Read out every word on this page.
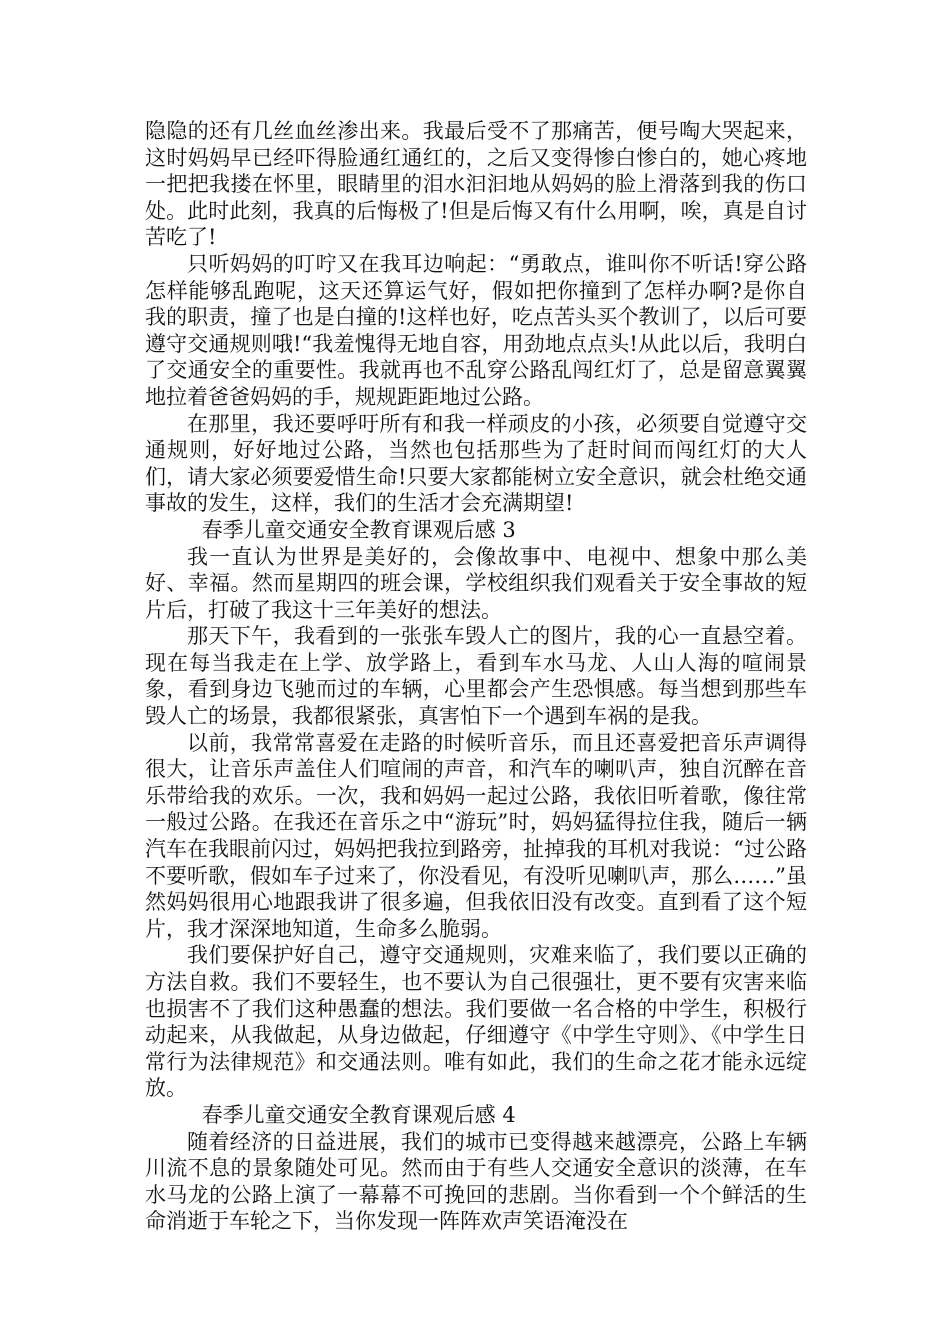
隐隐的还有几丝血丝渗出来。我最后受不了那痛苦，便号啕大哭起来，这时妈妈早已经吓得脸通红通红的，之后又变得惨白惨白的，她心疼地一把把我搂在怀里，眼睛里的泪水汩汩地从妈妈的脸上滑落到我的伤口处。此时此刻，我真的后悔极了!但是后悔又有什么用啊，唉，真是自讨苦吃了!

只听妈妈的叮咛又在我耳边响起：“勇敢点，谁叫你不听话!穿公路怎样能够乱跑呢，这天还算运气好，假如把你撞到了怎样办啊?是你自我的职责，撞了也是白撞的!这样也好，吃点苦头买个教训了，以后可要遵守交通规则哦!“我羞愧得无地自容，用劲地点点头!从此以后，我明白了交通安全的重要性。我就再也不乱穿公路乱闯红灯了，总是留意翼翼地拉着爸爸妈妈的手，规规距距地过公路。

在那里，我还要呼吁所有和我一样顽皮的小孩，必须要自觉遵守交通规则，好好地过公路，当然也包括那些为了赶时间而闯红灯的大人们，请大家必须要爱惜生命!只要大家都能树立安全意识，就会杜绝交通事故的发生，这样，我们的生活才会充满期望!

春季儿童交通安全教育课观后感 3

我一直认为世界是美好的，会像故事中、电视中、想象中那么美好、幸福。然而星期四的班会课，学校组织我们观看关于安全事故的短片后，打破了我这十三年美好的想法。

那天下午，我看到的一张张车毁人亡的图片，我的心一直悬空着。现在每当我走在上学、放学路上，看到车水马龙、人山人海的喧闹景象，看到身边飞驰而过的车辆，心里都会产生恐惧感。每当想到那些车毁人亡的场景，我都很紧张，真害怕下一个遇到车祸的是我。

以前，我常常喜爱在走路的时候听音乐，而且还喜爱把音乐声调得很大，让音乐声盖住人们喧闹的声音，和汽车的喇叭声，独自沉醉在音乐带给我的欢乐。一次，我和妈妈一起过公路，我依旧听着歌，像往常一般过公路。在我还在音乐之中“游玩”时，妈妈猛得拉住我，随后一辆汽车在我眼前闪过，妈妈把我拉到路旁，扯掉我的耳机对我说：“过公路不要听歌，假如车子过来了，你没看见，有没听见喇叭声，那么……”虽然妈妈很用心地跟我讲了很多遍，但我依旧没有改变。直到看了这个短片，我才深深地知道，生命多么脆弱。

我们要保护好自己，遵守交通规则，灾难来临了，我们要以正确的方法自救。我们不要轻生，也不要认为自己很强壮，更不要有灾害来临也损害不了我们这种愚蠢的想法。我们要做一名合格的中学生，积极行动起来，从我做起，从身边做起，仔细遵守《中学生守则》、《中学生日常行为法律规范》和交通法则。唯有如此，我们的生命之花才能永远绽放。

春季儿童交通安全教育课观后感 4

随着经济的日益进展，我们的城市已变得越来越漂亮，公路上车辆川流不息的景象随处可见。然而由于有些人交通安全意识的淡薄，在车水马龙的公路上演了一幕幕不可挽回的悲剧。当你看到一个个鲜活的生命消逝于车轮之下，当你发现一阵阵欢声笑语淹没在
